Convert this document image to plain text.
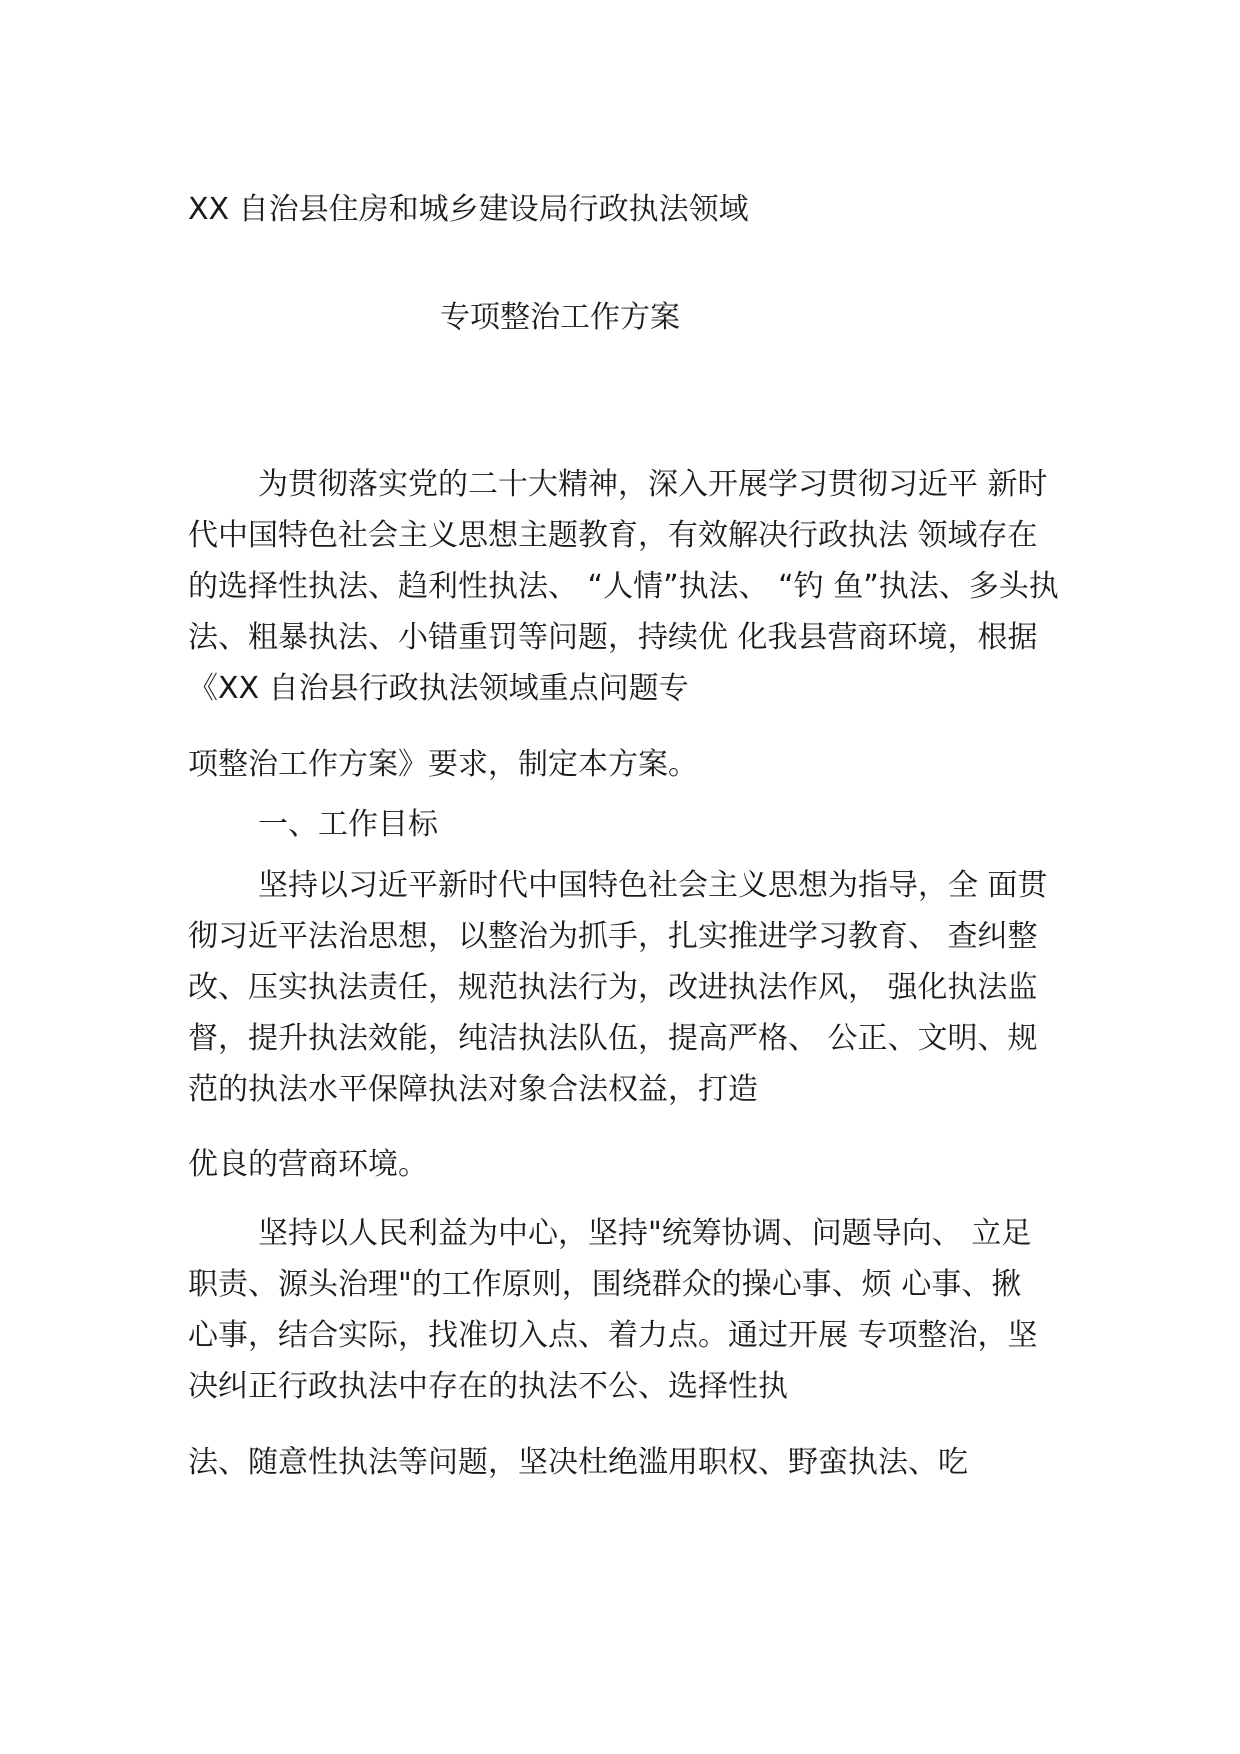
XX 自治县住房和城乡建设局行政执法领域

专项整治工作方案

为贯彻落实党的二十大精神，深入开展学习贯彻习近平 新时

代中国特色社会主义思想主题教育，有效解决行政执法 领域存在

的选择性执法、趋利性执法、 “人情”执法、 “钓 鱼”执法、多头执

法、粗暴执法、小错重罚等问题，持续优 化我县营商环境，根据

《XX 自治县行政执法领域重点问题专

项整治工作方案》要求，制定本方案。

一、工作目标

坚持以习近平新时代中国特色社会主义思想为指导，全 面贯

彻习近平法治思想，以整治为抓手，扎实推进学习教育、 查纠整

改、压实执法责任，规范执法行为，改进执法作风， 强化执法监

督，提升执法效能，纯洁执法队伍，提高严格、 公正、文明、规

范的执法水平保障执法对象合法权益，打造

优良的营商环境。

坚持以人民利益为中心，坚持"统筹协调、问题导向、 立足

职责、源头治理"的工作原则，围绕群众的操心事、烦 心事、揪

心事，结合实际，找准切入点、着力点。通过开展 专项整治，坚

决纠正行政执法中存在的执法不公、选择性执

法、随意性执法等问题，坚决杜绝滥用职权、野蛮执法、吃
